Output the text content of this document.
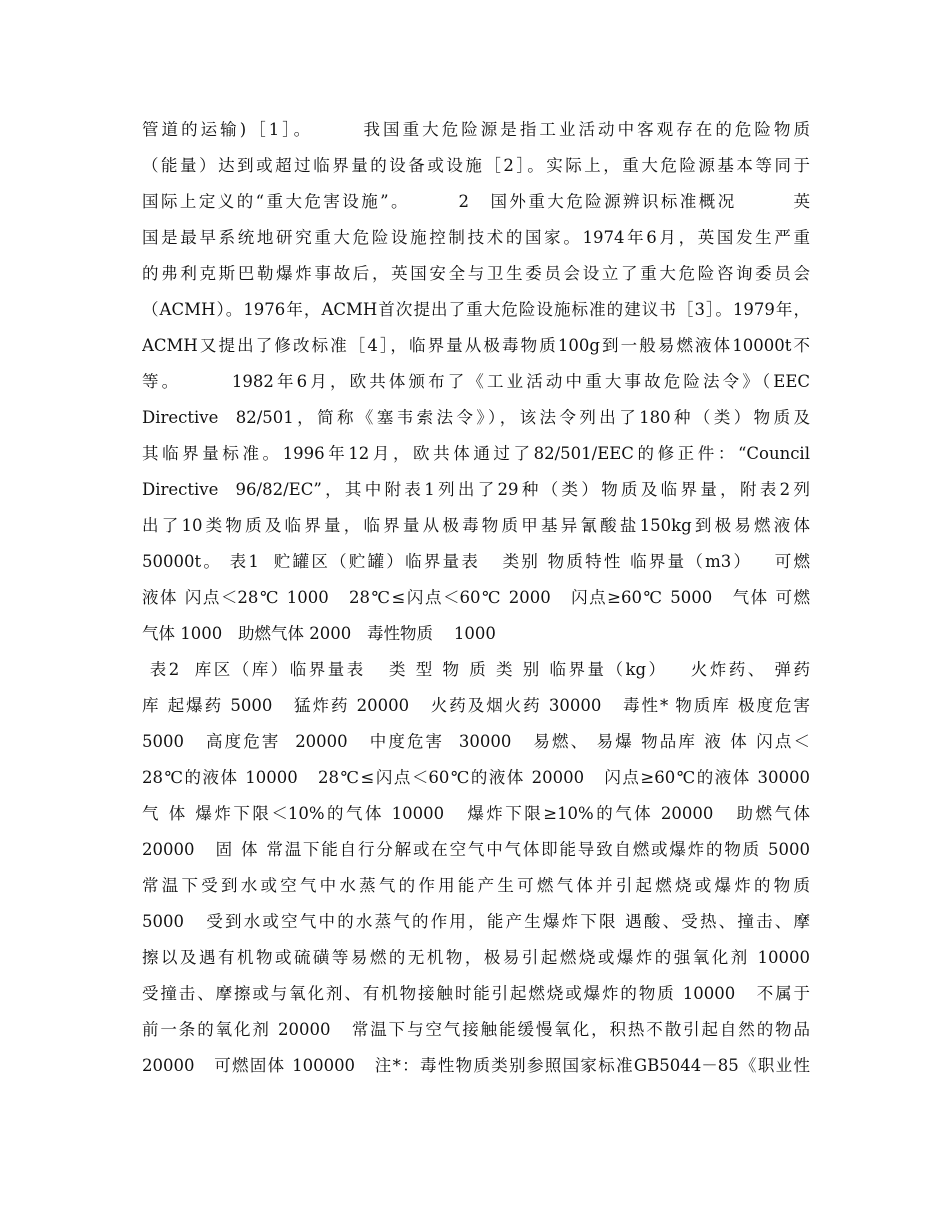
管道的运输)［1］。　　　我国重大危险源是指工业活动中客观存在的危险物质
（能量）达到或超过临界量的设备或设施［2］。实际上，重大危险源基本等同于
国际上定义的“重大危害设施”。　　　2　国外重大危险源辨识标准概况　　　英
国是最早系统地研究重大危险设施控制技术的国家。1974年6月，英国发生严重
的弗利克斯巴勒爆炸事故后，英国安全与卫生委员会设立了重大危险咨询委员会
（ACMH）。1976年，ACMH首次提出了重大危险设施标准的建议书［3］。1979年，
ACMH又提出了修改标准［4］，临界量从极毒物质100g到一般易燃液体10000t不
等。　　　1982年6月，欧共体颁布了《工业活动中重大事故危险法令》（EEC
Directive  82/501，简称《塞韦索法令》），该法令列出了180种（类）物质及
其临界量标准。1996年12月，欧共体通过了82/501/EEC的修正件：“Council
Directive  96/82/EC”，其中附表1列出了29种（类）物质及临界量，附表2列
出了10类物质及临界量，临界量从极毒物质甲基异氰酸盐150kg到极易燃液体
50000t。 表1  贮罐区（贮罐）临界量表   类别 物质特性 临界量（m3）   可燃
液体 闪点＜28℃ 1000   28℃≤闪点＜60℃ 2000   闪点≥60℃ 5000   气体 可燃
气体 1000   助燃气体 2000   毒性物质    1000
表2  库区（库）临界量表   类 型 物 质 类 别 临界量（kg）   火炸药、 弹药
库 起爆药 5000   猛炸药 20000   火药及烟火药 30000   毒性* 物质库 极度危害
5000   高度危害  20000   中度危害  30000   易燃、 易爆 物品库 液 体 闪点＜
28℃的液体 10000   28℃≤闪点＜60℃的液体 20000   闪点≥60℃的液体 30000
气 体 爆炸下限＜10%的气体 10000   爆炸下限≥10%的气体 20000   助燃气体
20000   固 体 常温下能自行分解或在空气中气体即能导致自燃或爆炸的物质 5000
常温下受到水或空气中水蒸气的作用能产生可燃气体并引起燃烧或爆炸的物质
5000   受到水或空气中的水蒸气的作用，能产生爆炸下限 遇酸、受热、撞击、摩
擦以及遇有机物或硫磺等易燃的无机物，极易引起燃烧或爆炸的强氧化剂 10000
受撞击、摩擦或与氧化剂、有机物接触时能引起燃烧或爆炸的物质 10000   不属于
前一条的氧化剂 20000   常温下与空气接触能缓慢氧化，积热不散引起自然的物品
20000   可燃固体 100000   注*：毒性物质类别参照国家标准GB5044－85《职业性
